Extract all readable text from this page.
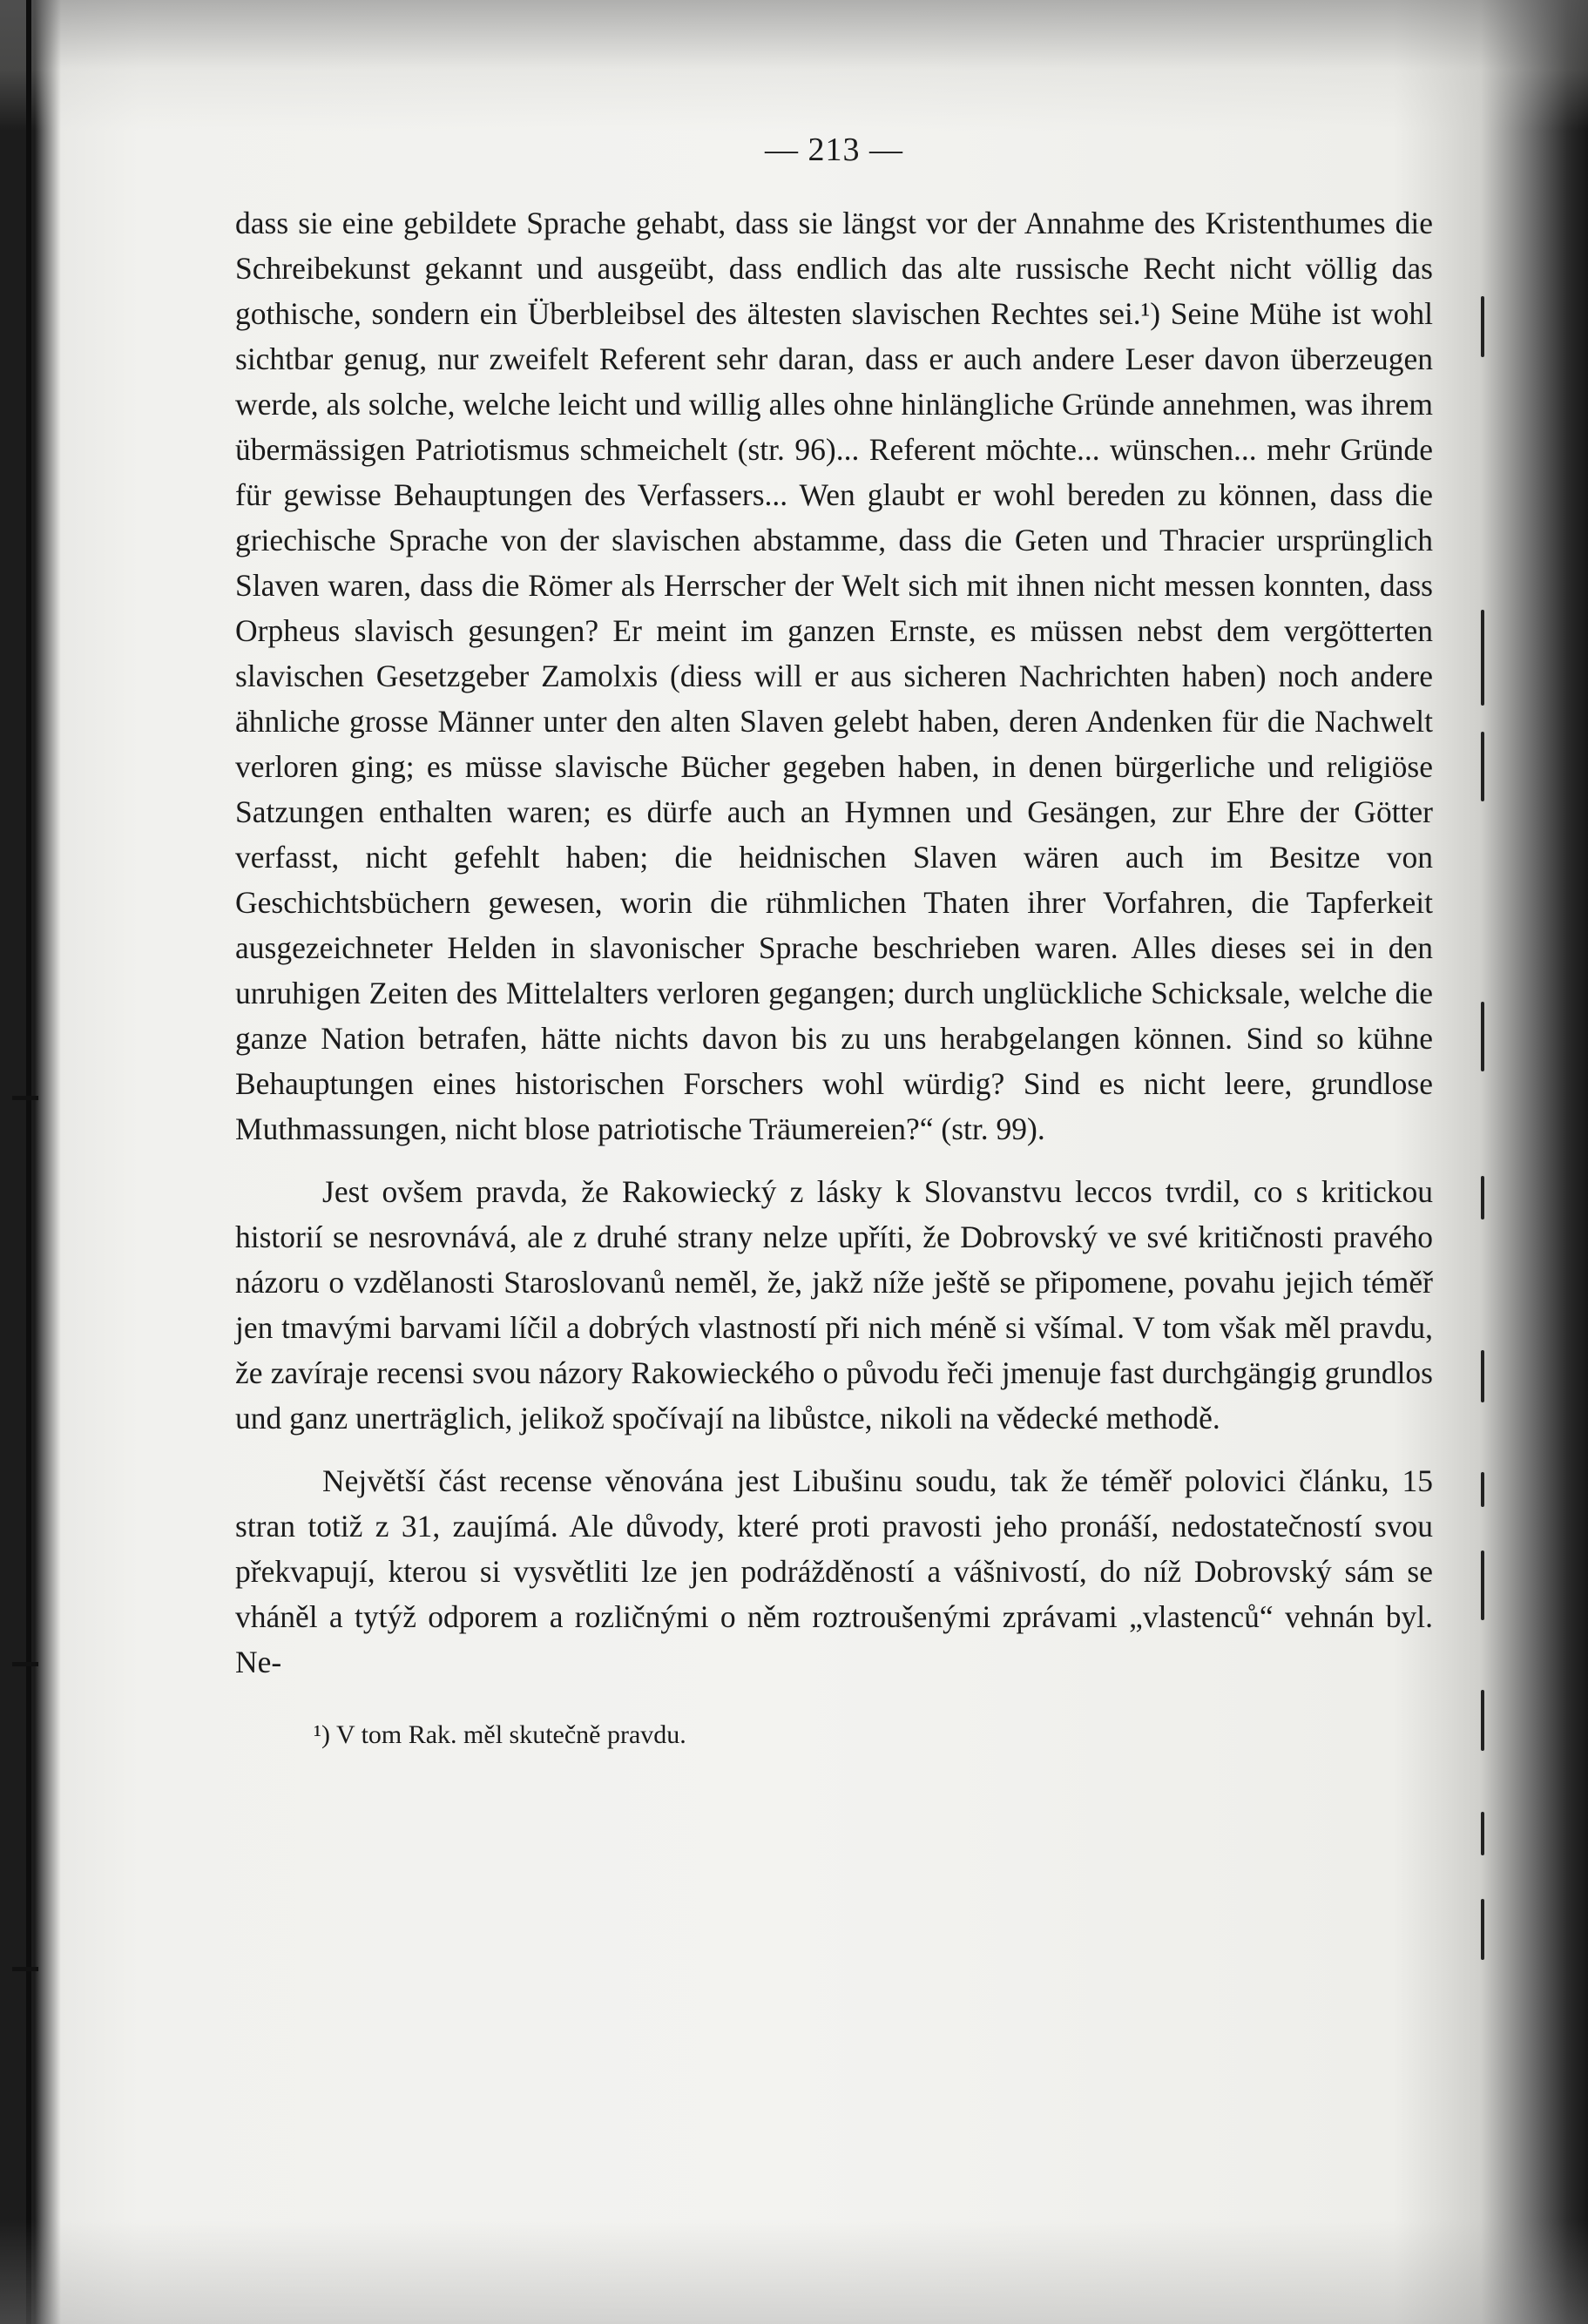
— 213 —

dass sie eine gebildete Sprache gehabt, dass sie längst vor der Annahme des Kristenthumes die Schreibekunst gekannt und ausgeübt, dass endlich das alte russische Recht nicht völlig das gothische, sondern ein Überbleibsel des ältesten slavischen Rechtes sei.¹) Seine Mühe ist wohl sichtbar genug, nur zweifelt Referent sehr daran, dass er auch andere Leser davon überzeugen werde, als solche, welche leicht und willig alles ohne hinlängliche Gründe annehmen, was ihrem übermässigen Patriotismus schmeichelt (str. 96)... Referent möchte... wünschen... mehr Gründe für gewisse Behauptungen des Verfassers... Wen glaubt er wohl bereden zu können, dass die griechische Sprache von der slavischen abstamme, dass die Geten und Thracier ursprünglich Slaven waren, dass die Römer als Herrscher der Welt sich mit ihnen nicht messen konnten, dass Orpheus slavisch gesungen? Er meint im ganzen Ernste, es müssen nebst dem vergötterten slavischen Gesetzgeber Zamolxis (diess will er aus sicheren Nachrichten haben) noch andere ähnliche grosse Männer unter den alten Slaven gelebt haben, deren Andenken für die Nachwelt verloren ging; es müsse slavische Bücher gegeben haben, in denen bürgerliche und religiöse Satzungen enthalten waren; es dürfe auch an Hymnen und Gesängen, zur Ehre der Götter verfasst, nicht gefehlt haben; die heidnischen Slaven wären auch im Besitze von Geschichtsbüchern gewesen, worin die rühmlichen Thaten ihrer Vorfahren, die Tapferkeit ausgezeichneter Helden in slavonischer Sprache beschrieben waren. Alles dieses sei in den unruhigen Zeiten des Mittelalters verloren gegangen; durch unglückliche Schicksale, welche die ganze Nation betrafen, hätte nichts davon bis zu uns herabgelangen können. Sind so kühne Behauptungen eines historischen Forschers wohl würdig? Sind es nicht leere, grundlose Muthmassungen, nicht blose patriotische Träumereien?“ (str. 99).

Jest ovšem pravda, že Rakowiecký z lásky k Slovanstvu leccos tvrdil, co s kritickou historií se nesrovnává, ale z druhé strany nelze upříti, že Dobrovský ve své kritičnosti pravého názoru o vzdělanosti Staroslovanů neměl, že, jakž níže ještě se připomene, povahu jejich téměř jen tmavými barvami líčil a dobrých vlastností při nich méně si všímal. V tom však měl pravdu, že zavíraje recensi svou názory Rakowieckého o původu řeči jmenuje fast durchgängig grundlos und ganz unerträglich, jelikož spočívají na libůstce, nikoli na vědecké methodě.

Největší část recense věnována jest Libušinu soudu, tak že téměř polovici článku, 15 stran totiž z 31, zaujímá. Ale důvody, které proti pravosti jeho pronáší, nedostatečností svou překvapují, kterou si vysvětliti lze jen podrážděností a vášnivostí, do níž Dobrovský sám se vháněl a tytýž odporem a rozličnými o něm roztroušenými zprávami „vlastenců“ vehnán byl. Ne-

¹) V tom Rak. měl skutečně pravdu.
